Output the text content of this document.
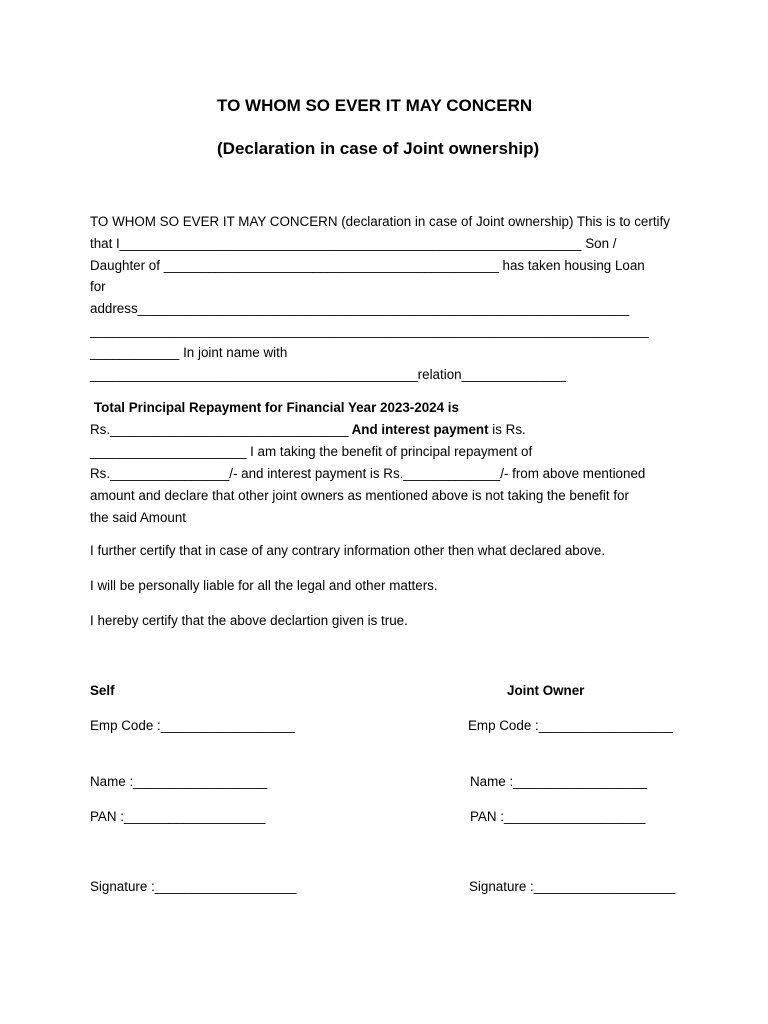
TO WHOM SO EVER IT MAY CONCERN
(Declaration in case of Joint ownership)
TO WHOM SO EVER IT MAY CONCERN (declaration in case of Joint ownership) This is to certify
that I______________________________________________________________ Son /
Daughter of _____________________________________________ has taken housing Loan
for
address__________________________________________________________________
___________________________________________________________________________
____________ In joint name with
____________________________________________relation______________
Total Principal Repayment for Financial Year 2023-2024 is
Rs.________________________________ And interest payment is Rs.
_____________________ I am taking the benefit of principal repayment of
Rs.________________/- and interest payment is Rs._____________/- from above mentioned
amount and declare that other joint owners as mentioned above is not taking the benefit for
the said Amount
I further certify that in case of any contrary information other then what declared above.
I will be personally liable for all the legal and other matters.
I hereby certify that the above declartion given is true.
Self	Joint Owner
Emp Code :__________________	Emp Code :__________________
Name :__________________	Name :__________________
PAN :___________________	PAN :___________________
Signature :___________________	Signature :___________________
